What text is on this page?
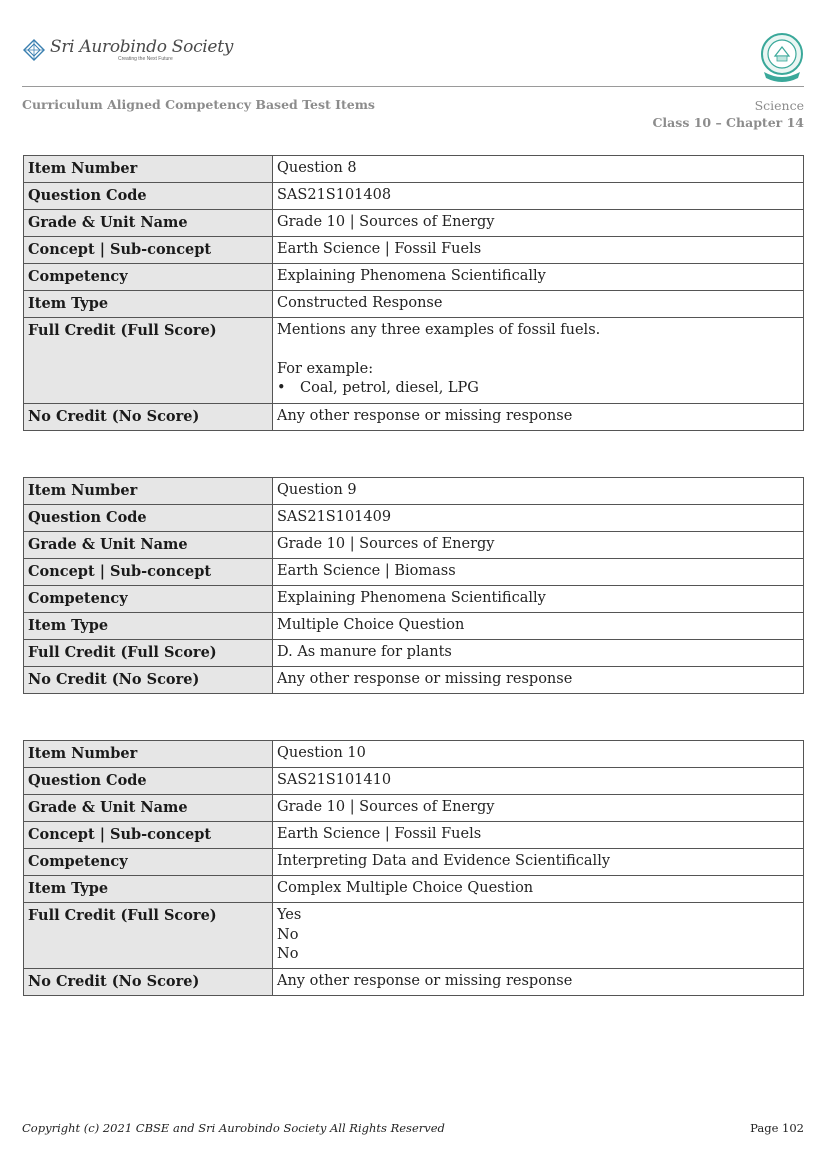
Sri Aurobindo Society
Creating the Next Future
Curriculum Aligned Competency Based Test Items	Science
Class 10 – Chapter 14
Item Number	Question 8
Question Code	SAS21S101408
Grade & Unit Name	Grade 10 | Sources of Energy
Concept | Sub-concept	Earth Science | Fossil Fuels
Competency	Explaining Phenomena Scientifically
Item Type	Constructed Response
Full Credit (Full Score)	Mentions any three examples of fossil fuels.
For example:
• Coal, petrol, diesel, LPG

No Credit (No Score)	Any other response or missing response
Item Number	Question 9
Question Code	SAS21S101409
Grade & Unit Name	Grade 10 | Sources of Energy
Concept | Sub-concept	Earth Science | Biomass
Competency	Explaining Phenomena Scientifically
Item Type	Multiple Choice Question
Full Credit (Full Score)	D. As manure for plants
No Credit (No Score)	Any other response or missing response
Item Number	Question 10
Question Code	SAS21S101410
Grade & Unit Name	Grade 10 | Sources of Energy
Concept | Sub-concept	Earth Science | Fossil Fuels
Competency	Interpreting Data and Evidence Scientifically
Item Type	Complex Multiple Choice Question
Full Credit (Full Score)	Yes
No
No

No Credit (No Score)	Any other response or missing response
Copyright (c) 2021 CBSE and Sri Aurobindo Society All Rights Reserved	Page 102
